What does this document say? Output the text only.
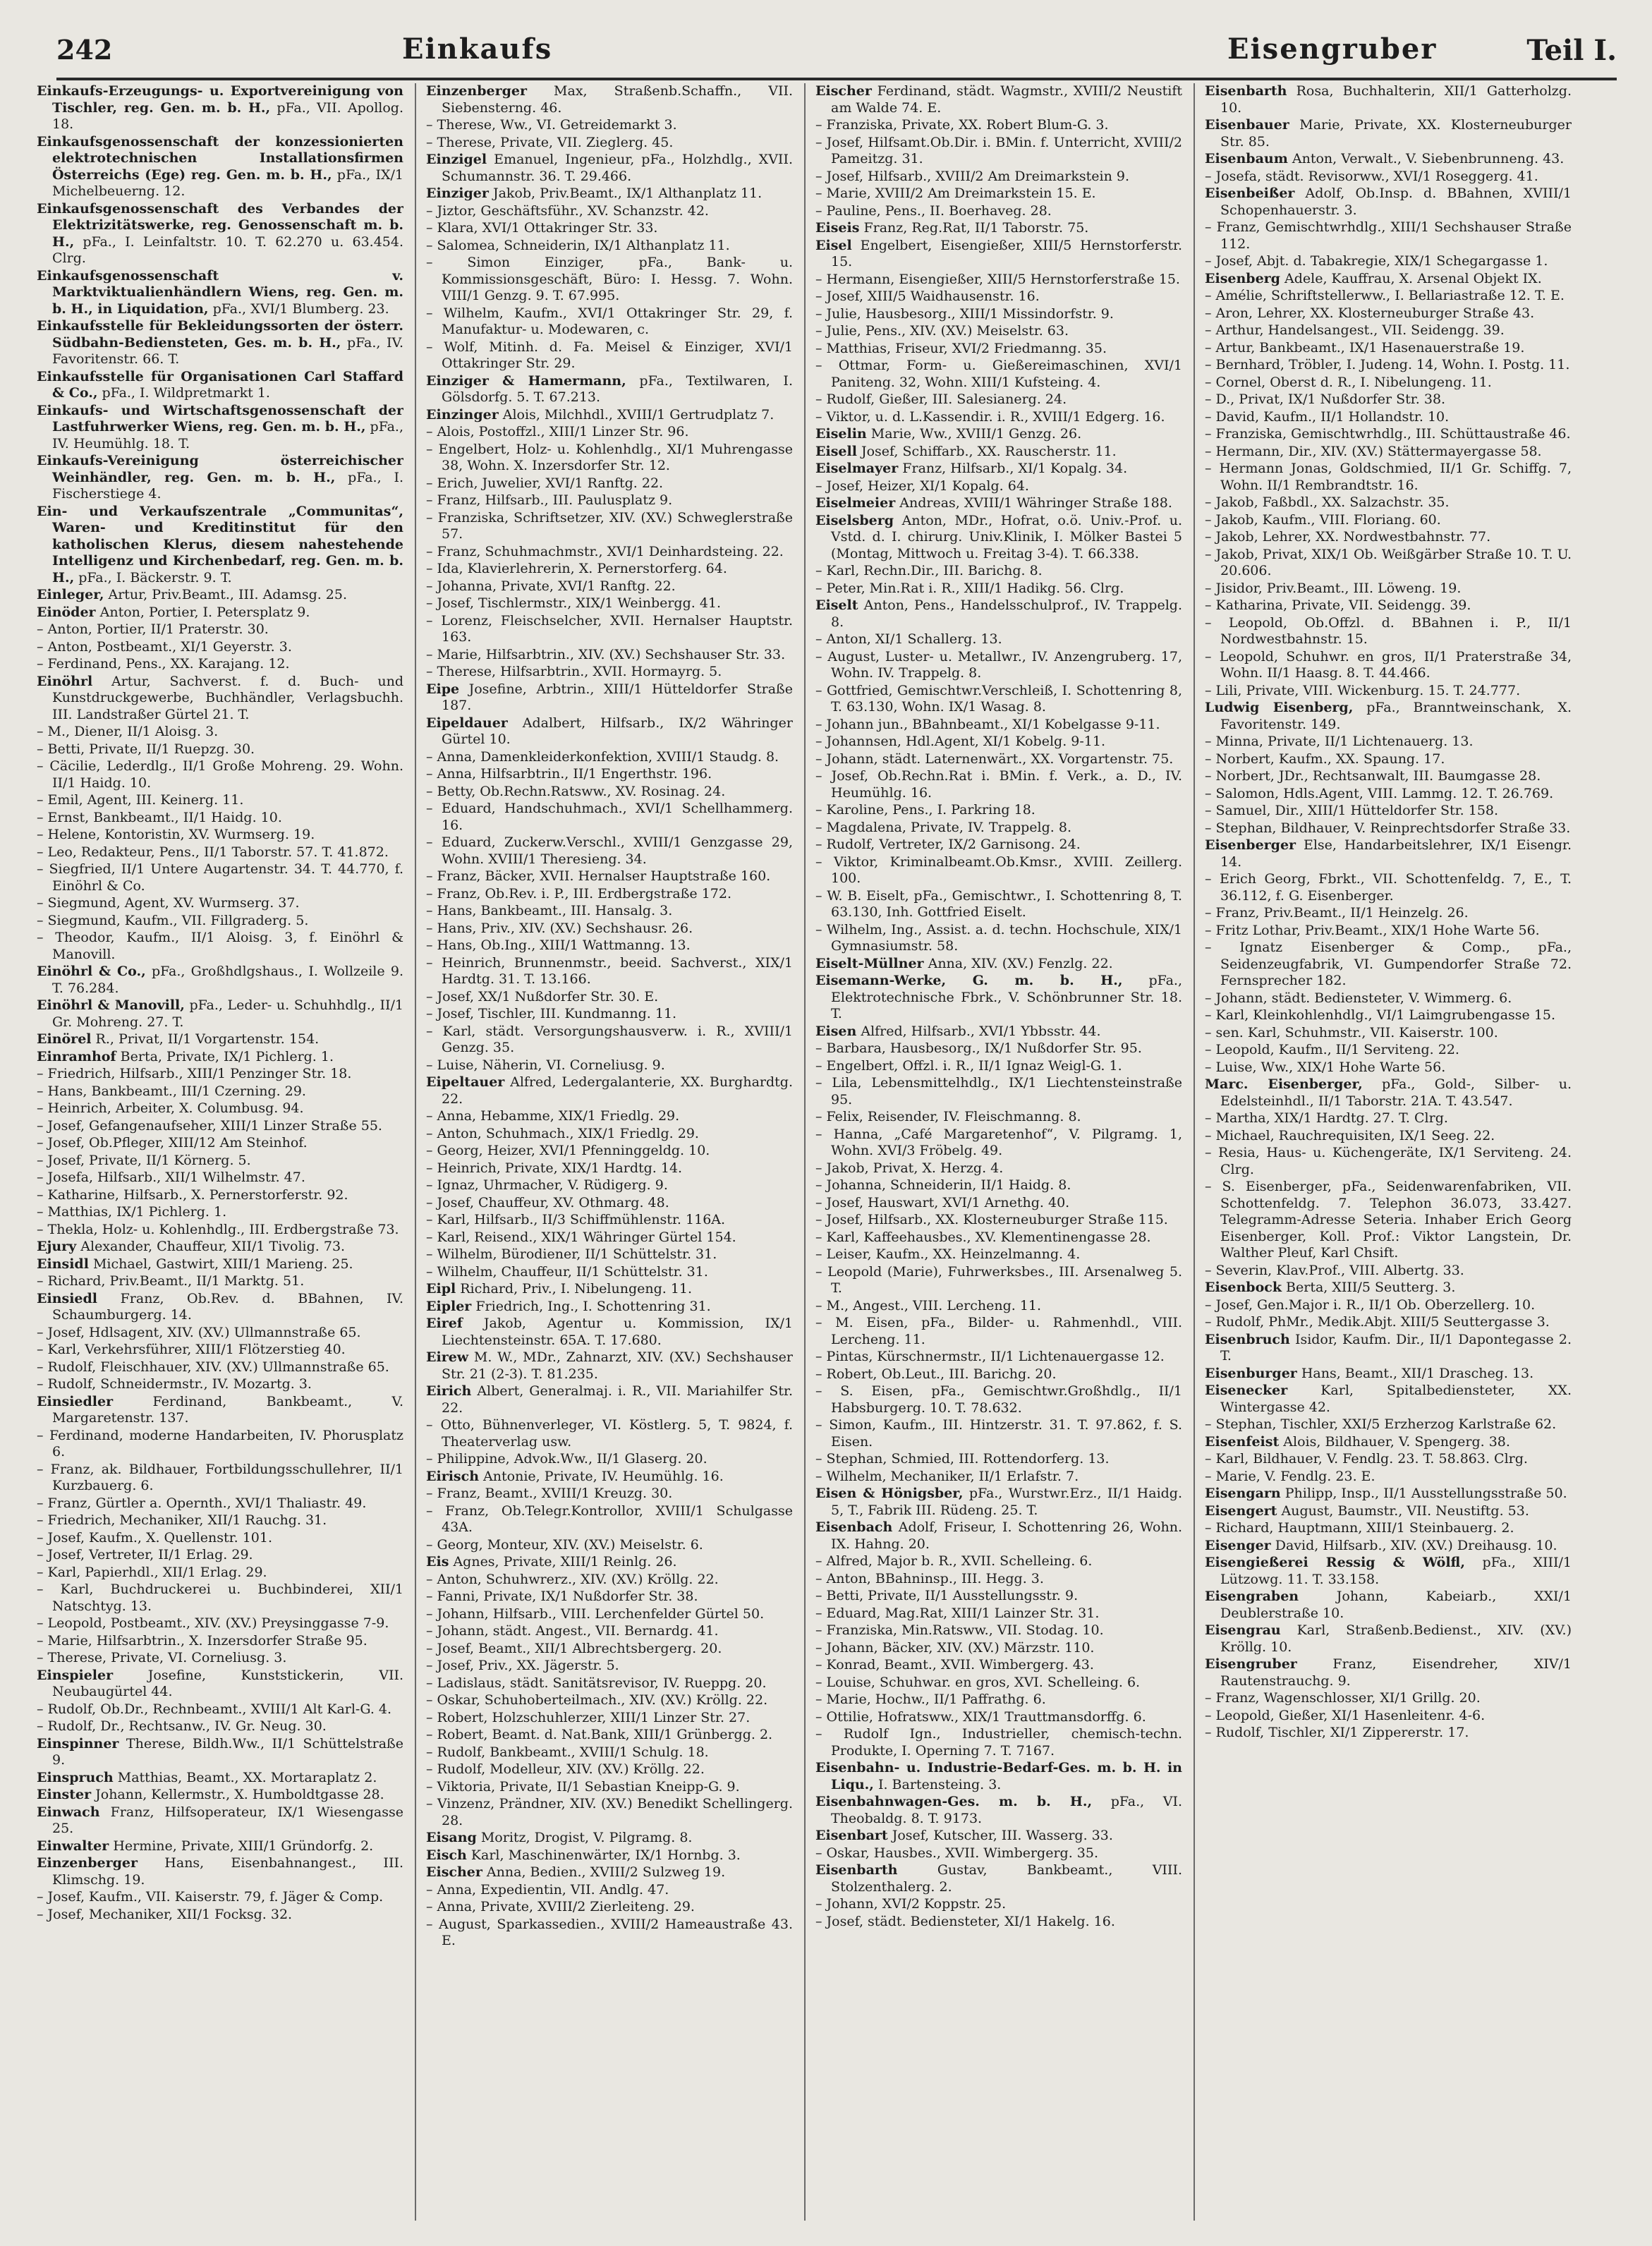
242	Einkaufs	Eisengruber	Teil I.

Einkaufs-Erzeugungs- u. Exportvereinigung von Tischler, reg. Gen. m. b. H., pFa., VII. Apollog. 18.

Einkaufsgenossenschaft der konzessionierten elektrotechnischen Installationsfirmen Österreichs (Ege) reg. Gen. m. b. H., pFa., IX/1 Michelbeuerng. 12.

Einkaufsgenossenschaft des Verbandes der Elektrizitätswerke, reg. Genossenschaft m. b. H., pFa., I. Leinfaltstr. 10. T. 62.270 u. 63.454. Clrg.

Einkaufsgenossenschaft v. Marktviktualienhändlern Wiens, reg. Gen. m. b. H., in Liquidation, pFa., XVI/1 Blumberg. 23.

Einkaufsstelle für Bekleidungssorten der österr. Südbahn-Bediensteten, Ges. m. b. H., pFa., IV. Favoritenstr. 66. T.

Einkaufsstelle für Organisationen Carl Staffard & Co., pFa., I. Wildpretmarkt 1.

Einkaufs- und Wirtschaftsgenossenschaft der Lastfuhrwerker Wiens, reg. Gen. m. b. H., pFa., IV. Heumühlg. 18. T.

Einkaufs-Vereinigung österreichischer Weinhändler, reg. Gen. m. b. H., pFa., I. Fischerstiege 4.

Ein- und Verkaufszentrale „Communitas“, Waren- und Kreditinstitut für den katholischen Klerus, diesem nahestehende Intelligenz und Kirchenbedarf, reg. Gen. m. b. H., pFa., I. Bäckerstr. 9. T.

Einleger, Artur, Priv.Beamt., III. Adamsg. 25.

Einöder Anton, Portier, I. Petersplatz 9.

– Anton, Portier, II/1 Praterstr. 30.

– Anton, Postbeamt., XI/1 Geyerstr. 3.

– Ferdinand, Pens., XX. Karajang. 12.

Einöhrl Artur, Sachverst. f. d. Buch- und Kunstdruckgewerbe, Buchhändler, Verlagsbuchh. III. Landstraßer Gürtel 21. T.

– M., Diener, II/1 Aloisg. 3.

– Betti, Private, II/1 Ruepzg. 30.

– Cäcilie, Lederdlg., II/1 Große Mohreng. 29. Wohn. II/1 Haidg. 10.

– Emil, Agent, III. Keinerg. 11.

– Ernst, Bankbeamt., II/1 Haidg. 10.

– Helene, Kontoristin, XV. Wurmserg. 19.

– Leo, Redakteur, Pens., II/1 Taborstr. 57. T. 41.872.

– Siegfried, II/1 Untere Augartenstr. 34. T. 44.770, f. Einöhrl & Co.

– Siegmund, Agent, XV. Wurmserg. 37.

– Siegmund, Kaufm., VII. Fillgraderg. 5.

– Theodor, Kaufm., II/1 Aloisg. 3, f. Einöhrl & Manovill.

Einöhrl & Co., pFa., Großhdlgshaus., I. Wollzeile 9. T. 76.284.

Einöhrl & Manovill, pFa., Leder- u. Schuhhdlg., II/1 Gr. Mohreng. 27. T.

Einörel R., Privat, II/1 Vorgartenstr. 154.

Einramhof Berta, Private, IX/1 Pichlerg. 1.

– Friedrich, Hilfsarb., XIII/1 Penzinger Str. 18.

– Hans, Bankbeamt., III/1 Czerning. 29.

– Heinrich, Arbeiter, X. Columbusg. 94.

– Josef, Gefangenaufseher, XIII/1 Linzer Straße 55.

– Josef, Ob.Pfleger, XIII/12 Am Steinhof.

– Josef, Private, II/1 Körnerg. 5.

– Josefa, Hilfsarb., XII/1 Wilhelmstr. 47.

– Katharine, Hilfsarb., X. Pernerstorferstr. 92.

– Matthias, IX/1 Pichlerg. 1.

– Thekla, Holz- u. Kohlenhdlg., III. Erdbergstraße 73.

Ejury Alexander, Chauffeur, XII/1 Tivolig. 73.

Einsidl Michael, Gastwirt, XIII/1 Marieng. 25.

– Richard, Priv.Beamt., II/1 Marktg. 51.

Einsiedl Franz, Ob.Rev. d. BBahnen, IV. Schaumburgerg. 14.

– Josef, Hdlsagent, XIV. (XV.) Ullmannstraße 65.

– Karl, Verkehrsführer, XIII/1 Flötzerstieg 40.

– Rudolf, Fleischhauer, XIV. (XV.) Ullmannstraße 65.

– Rudolf, Schneidermstr., IV. Mozartg. 3.

Einsiedler Ferdinand, Bankbeamt., V. Margaretenstr. 137.

– Ferdinand, moderne Handarbeiten, IV. Phorusplatz 6.

– Franz, ak. Bildhauer, Fortbildungsschullehrer, II/1 Kurzbauerg. 6.

– Franz, Gürtler a. Opernth., XVI/1 Thaliastr. 49.

– Friedrich, Mechaniker, XII/1 Rauchg. 31.

– Josef, Kaufm., X. Quellenstr. 101.

– Josef, Vertreter, II/1 Erlag. 29.

– Karl, Papierhdl., XII/1 Erlag. 29.

– Karl, Buchdruckerei u. Buchbinderei, XII/1 Natschtyg. 13.

– Leopold, Postbeamt., XIV. (XV.) Preysinggasse 7-9.

– Marie, Hilfsarbtrin., X. Inzersdorfer Straße 95.

– Therese, Private, VI. Corneliusg. 3.

Einspieler Josefine, Kunststickerin, VII. Neubaugürtel 44.

– Rudolf, Ob.Dr., Rechnbeamt., XVIII/1 Alt Karl-G. 4.

– Rudolf, Dr., Rechtsanw., IV. Gr. Neug. 30.

Einspinner Therese, Bildh.Ww., II/1 Schüttelstraße 9.

Einspruch Matthias, Beamt., XX. Mortaraplatz 2.

Einster Johann, Kellermstr., X. Humboldtgasse 28.

Einwach Franz, Hilfsoperateur, IX/1 Wiesengasse 25.

Einwalter Hermine, Private, XIII/1 Gründorfg. 2.

Einzenberger Hans, Eisenbahnangest., III. Klimschg. 19.

– Josef, Kaufm., VII. Kaiserstr. 79, f. Jäger & Comp.

– Josef, Mechaniker, XII/1 Focksg. 32.

Einzenberger Max, Straßenb.Schaffn., VII. Siebensterng. 46.

– Therese, Ww., VI. Getreidemarkt 3.

– Therese, Private, VII. Zieglerg. 45.

Einzigel Emanuel, Ingenieur, pFa., Holzhdlg., XVII. Schumannstr. 36. T. 29.466.

Einziger Jakob, Priv.Beamt., IX/1 Althanplatz 11.

– Jiztor, Geschäftsführ., XV. Schanzstr. 42.

– Klara, XVI/1 Ottakringer Str. 33.

– Salomea, Schneiderin, IX/1 Althanplatz 11.

– Simon Einziger, pFa., Bank- u. Kommissionsgeschäft, Büro: I. Hessg. 7. Wohn. VIII/1 Genzg. 9. T. 67.995.

– Wilhelm, Kaufm., XVI/1 Ottakringer Str. 29, f. Manufaktur- u. Modewaren, c.

– Wolf, Mitinh. d. Fa. Meisel & Einziger, XVI/1 Ottakringer Str. 29.

Einziger & Hamermann, pFa., Textilwaren, I. Gölsdorfg. 5. T. 67.213.

Einzinger Alois, Milchhdl., XVIII/1 Gertrudplatz 7.

– Alois, Postoffzl., XIII/1 Linzer Str. 96.

– Engelbert, Holz- u. Kohlenhdlg., XI/1 Muhrengasse 38, Wohn. X. Inzersdorfer Str. 12.

– Erich, Juwelier, XVI/1 Ranftg. 22.

– Franz, Hilfsarb., III. Paulusplatz 9.

– Franziska, Schriftsetzer, XIV. (XV.) Schweglerstraße 57.

– Franz, Schuhmachmstr., XVI/1 Deinhardsteing. 22.

– Ida, Klavierlehrerin, X. Pernerstorferg. 64.

– Johanna, Private, XVI/1 Ranftg. 22.

– Josef, Tischlermstr., XIX/1 Weinbergg. 41.

– Lorenz, Fleischselcher, XVII. Hernalser Hauptstr. 163.

– Marie, Hilfsarbtrin., XIV. (XV.) Sechshauser Str. 33.

– Therese, Hilfsarbtrin., XVII. Hormayrg. 5.

Eipe Josefine, Arbtrin., XIII/1 Hütteldorfer Straße 187.

Eipeldauer Adalbert, Hilfsarb., IX/2 Währinger Gürtel 10.

– Anna, Damenkleiderkonfektion, XVIII/1 Staudg. 8.

– Anna, Hilfsarbtrin., II/1 Engerthstr. 196.

– Betty, Ob.Rechn.Ratsww., XV. Rosinag. 24.

– Eduard, Handschuhmach., XVI/1 Schellhammerg. 16.

– Eduard, Zuckerw.Verschl., XVIII/1 Genzgasse 29, Wohn. XVIII/1 Theresieng. 34.

– Franz, Bäcker, XVII. Hernalser Hauptstraße 160.

– Franz, Ob.Rev. i. P., III. Erdbergstraße 172.

– Hans, Bankbeamt., III. Hansalg. 3.

– Hans, Priv., XIV. (XV.) Sechshausr. 26.

– Hans, Ob.Ing., XIII/1 Wattmanng. 13.

– Heinrich, Brunnenmstr., beeid. Sachverst., XIX/1 Hardtg. 31. T. 13.166.

– Josef, XX/1 Nußdorfer Str. 30. E.

– Josef, Tischler, III. Kundmanng. 11.

– Karl, städt. Versorgungshausverw. i. R., XVIII/1 Genzg. 35.

– Luise, Näherin, VI. Corneliusg. 9.

Eipeltauer Alfred, Ledergalanterie, XX. Burghardtg. 22.

– Anna, Hebamme, XIX/1 Friedlg. 29.

– Anton, Schuhmach., XIX/1 Friedlg. 29.

– Georg, Heizer, XVI/1 Pfenninggeldg. 10.

– Heinrich, Private, XIX/1 Hardtg. 14.

– Ignaz, Uhrmacher, V. Rüdigerg. 9.

– Josef, Chauffeur, XV. Othmarg. 48.

– Karl, Hilfsarb., II/3 Schiffmühlenstr. 116A.

– Karl, Reisend., XIX/1 Währinger Gürtel 154.

– Wilhelm, Bürodiener, II/1 Schüttelstr. 31.

– Wilhelm, Chauffeur, II/1 Schüttelstr. 31.

Eipl Richard, Priv., I. Nibelungeng. 11.

Eipler Friedrich, Ing., I. Schottenring 31.

Eiref Jakob, Agentur u. Kommission, IX/1 Liechtensteinstr. 65A. T. 17.680.

Eirew M. W., MDr., Zahnarzt, XIV. (XV.) Sechshauser Str. 21 (2-3). T. 81.235.

Eirich Albert, Generalmaj. i. R., VII. Mariahilfer Str. 22.

– Otto, Bühnenverleger, VI. Köstlerg. 5, T. 9824, f. Theaterverlag usw.

– Philippine, Advok.Ww., II/1 Glaserg. 20.

Eirisch Antonie, Private, IV. Heumühlg. 16.

– Franz, Beamt., XVIII/1 Kreuzg. 30.

– Franz, Ob.Telegr.Kontrollor, XVIII/1 Schulgasse 43A.

– Georg, Monteur, XIV. (XV.) Meiselstr. 6.

Eis Agnes, Private, XIII/1 Reinlg. 26.

– Anton, Schuhwrerz., XIV. (XV.) Kröllg. 22.

– Fanni, Private, IX/1 Nußdorfer Str. 38.

– Johann, Hilfsarb., VIII. Lerchenfelder Gürtel 50.

– Johann, städt. Angest., VII. Bernardg. 41.

– Josef, Beamt., XII/1 Albrechtsbergerg. 20.

– Josef, Priv., XX. Jägerstr. 5.

– Ladislaus, städt. Sanitätsrevisor, IV. Rueppg. 20.

– Oskar, Schuhoberteilmach., XIV. (XV.) Kröllg. 22.

– Robert, Holzschuhlerzer, XIII/1 Linzer Str. 27.

– Robert, Beamt. d. Nat.Bank, XIII/1 Grünbergg. 2.

– Rudolf, Bankbeamt., XVIII/1 Schulg. 18.

– Rudolf, Modelleur, XIV. (XV.) Kröllg. 22.

– Viktoria, Private, II/1 Sebastian Kneipp-G. 9.

– Vinzenz, Prändner, XIV. (XV.) Benedikt Schellingerg. 28.

Eisang Moritz, Drogist, V. Pilgramg. 8.

Eisch Karl, Maschinenwärter, IX/1 Hornbg. 3.

Eischer Anna, Bedien., XVIII/2 Sulzweg 19.

– Anna, Expedientin, VII. Andlg. 47.

– Anna, Private, XVIII/2 Zierleiteng. 29.

– August, Sparkassedien., XVIII/2 Hameaustraße 43. E.

Eischer Ferdinand, städt. Wagmstr., XVIII/2 Neustift am Walde 74. E.

– Franziska, Private, XX. Robert Blum-G. 3.

– Josef, Hilfsamt.Ob.Dir. i. BMin. f. Unterricht, XVIII/2 Pameitzg. 31.

– Josef, Hilfsarb., XVIII/2 Am Dreimarkstein 9.

– Marie, XVIII/2 Am Dreimarkstein 15. E.

– Pauline, Pens., II. Boerhaveg. 28.

Eiseis Franz, Reg.Rat, II/1 Taborstr. 75.

Eisel Engelbert, Eisengießer, XIII/5 Hernstorferstr. 15.

– Hermann, Eisengießer, XIII/5 Hernstorferstraße 15.

– Josef, XIII/5 Waidhausenstr. 16.

– Julie, Hausbesorg., XIII/1 Missindorfstr. 9.

– Julie, Pens., XIV. (XV.) Meiselstr. 63.

– Matthias, Friseur, XVI/2 Friedmanng. 35.

– Ottmar, Form- u. Gießereimaschinen, XVI/1 Paniteng. 32, Wohn. XIII/1 Kufsteing. 4.

– Rudolf, Gießer, III. Salesianerg. 24.

– Viktor, u. d. L.Kassendir. i. R., XVIII/1 Edgerg. 16.

Eiselin Marie, Ww., XVIII/1 Genzg. 26.

Eisell Josef, Schiffarb., XX. Rauscherstr. 11.

Eiselmayer Franz, Hilfsarb., XI/1 Kopalg. 34.

– Josef, Heizer, XI/1 Kopalg. 64.

Eiselmeier Andreas, XVIII/1 Währinger Straße 188.

Eiselsberg Anton, MDr., Hofrat, o.ö. Univ.-Prof. u. Vstd. d. I. chirurg. Univ.Klinik, I. Mölker Bastei 5 (Montag, Mittwoch u. Freitag 3-4). T. 66.338.

– Karl, Rechn.Dir., III. Barichg. 8.

– Peter, Min.Rat i. R., XIII/1 Hadikg. 56. Clrg.

Eiselt Anton, Pens., Handelsschulprof., IV. Trappelg. 8.

– Anton, XI/1 Schallerg. 13.

– August, Luster- u. Metallwr., IV. Anzengruberg. 17, Wohn. IV. Trappelg. 8.

– Gottfried, Gemischtwr.Verschleiß, I. Schottenring 8, T. 63.130, Wohn. IX/1 Wasag. 8.

– Johann jun., BBahnbeamt., XI/1 Kobelgasse 9-11.

– Johannsen, Hdl.Agent, XI/1 Kobelg. 9-11.

– Johann, städt. Laternenwärt., XX. Vorgartenstr. 75.

– Josef, Ob.Rechn.Rat i. BMin. f. Verk., a. D., IV. Heumühlg. 16.

– Karoline, Pens., I. Parkring 18.

– Magdalena, Private, IV. Trappelg. 8.

– Rudolf, Vertreter, IX/2 Garnisong. 24.

– Viktor, Kriminalbeamt.Ob.Kmsr., XVIII. Zeillerg. 100.

– W. B. Eiselt, pFa., Gemischtwr., I. Schottenring 8, T. 63.130, Inh. Gottfried Eiselt.

– Wilhelm, Ing., Assist. a. d. techn. Hochschule, XIX/1 Gymnasiumstr. 58.

Eiselt-Müllner Anna, XIV. (XV.) Fenzlg. 22.

Eisemann-Werke, G. m. b. H., pFa., Elektrotechnische Fbrk., V. Schönbrunner Str. 18. T.

Eisen Alfred, Hilfsarb., XVI/1 Ybbsstr. 44.

– Barbara, Hausbesorg., IX/1 Nußdorfer Str. 95.

– Engelbert, Offzl. i. R., II/1 Ignaz Weigl-G. 1.

– Lila, Lebensmittelhdlg., IX/1 Liechtensteinstraße 95.

– Felix, Reisender, IV. Fleischmanng. 8.

– Hanna, „Café Margaretenhof“, V. Pilgramg. 1, Wohn. XVI/3 Fröbelg. 49.

– Jakob, Privat, X. Herzg. 4.

– Johanna, Schneiderin, II/1 Haidg. 8.

– Josef, Hauswart, XVI/1 Arnethg. 40.

– Josef, Hilfsarb., XX. Klosterneuburger Straße 115.

– Karl, Kaffeehausbes., XV. Klementinengasse 28.

– Leiser, Kaufm., XX. Heinzelmanng. 4.

– Leopold (Marie), Fuhrwerksbes., III. Arsenalweg 5. T.

– M., Angest., VIII. Lercheng. 11.

– M. Eisen, pFa., Bilder- u. Rahmenhdl., VIII. Lercheng. 11.

– Pintas, Kürschnermstr., II/1 Lichtenauergasse 12.

– Robert, Ob.Leut., III. Barichg. 20.

– S. Eisen, pFa., Gemischtwr.Großhdlg., II/1 Habsburgerg. 10. T. 78.632.

– Simon, Kaufm., III. Hintzerstr. 31. T. 97.862, f. S. Eisen.

– Stephan, Schmied, III. Rottendorferg. 13.

– Wilhelm, Mechaniker, II/1 Erlafstr. 7.

Eisen & Hönigsber, pFa., Wurstwr.Erz., II/1 Haidg. 5, T., Fabrik III. Rüdeng. 25. T.

Eisenbach Adolf, Friseur, I. Schottenring 26, Wohn. IX. Hahng. 20.

– Alfred, Major b. R., XVII. Schelleing. 6.

– Anton, BBahninsp., III. Hegg. 3.

– Betti, Private, II/1 Ausstellungsstr. 9.

– Eduard, Mag.Rat, XIII/1 Lainzer Str. 31.

– Franziska, Min.Ratsww., VII. Stodag. 10.

– Johann, Bäcker, XIV. (XV.) Märzstr. 110.

– Konrad, Beamt., XVII. Wimbergerg. 43.

– Louise, Schuhwar. en gros, XVI. Schelleing. 6.

– Marie, Hochw., II/1 Paffrathg. 6.

– Ottilie, Hofratsww., XIX/1 Trauttmansdorffg. 6.

– Rudolf Ign., Industrieller, chemisch-techn. Produkte, I. Operning 7. T. 7167.

Eisenbahn- u. Industrie-Bedarf-Ges. m. b. H. in Liqu., I. Bartensteing. 3.

Eisenbahnwagen-Ges. m. b. H., pFa., VI. Theobaldg. 8. T. 9173.

Eisenbart Josef, Kutscher, III. Wasserg. 33.

– Oskar, Hausbes., XVII. Wimbergerg. 35.

Eisenbarth Gustav, Bankbeamt., VIII. Stolzenthalerg. 2.

– Johann, XVI/2 Koppstr. 25.

– Josef, städt. Bediensteter, XI/1 Hakelg. 16.

Eisenbarth Rosa, Buchhalterin, XII/1 Gatterholzg. 10.

Eisenbauer Marie, Private, XX. Klosterneuburger Str. 85.

Eisenbaum Anton, Verwalt., V. Siebenbrunneng. 43.

– Josefa, städt. Revisorww., XVI/1 Roseggerg. 41.

Eisenbeißer Adolf, Ob.Insp. d. BBahnen, XVIII/1 Schopenhauerstr. 3.

– Franz, Gemischtwrhdlg., XIII/1 Sechshauser Straße 112.

– Josef, Abjt. d. Tabakregie, XIX/1 Schegargasse 1.

Eisenberg Adele, Kauffrau, X. Arsenal Objekt IX.

– Amélie, Schriftstellerww., I. Bellariastraße 12. T. E.

– Aron, Lehrer, XX. Klosterneuburger Straße 43.

– Arthur, Handelsangest., VII. Seidengg. 39.

– Artur, Bankbeamt., IX/1 Hasenauerstraße 19.

– Bernhard, Tröbler, I. Judeng. 14, Wohn. I. Postg. 11.

– Cornel, Oberst d. R., I. Nibelungeng. 11.

– D., Privat, IX/1 Nußdorfer Str. 38.

– David, Kaufm., II/1 Hollandstr. 10.

– Franziska, Gemischtwrhdlg., III. Schüttaustraße 46.

– Hermann, Dir., XIV. (XV.) Stättermayergasse 58.

– Hermann Jonas, Goldschmied, II/1 Gr. Schiffg. 7, Wohn. II/1 Rembrandtstr. 16.

– Jakob, Faßbdl., XX. Salzachstr. 35.

– Jakob, Kaufm., VIII. Floriang. 60.

– Jakob, Lehrer, XX. Nordwestbahnstr. 77.

– Jakob, Privat, XIX/1 Ob. Weißgärber Straße 10. T. U. 20.606.

– Jisidor, Priv.Beamt., III. Löweng. 19.

– Katharina, Private, VII. Seidengg. 39.

– Leopold, Ob.Offzl. d. BBahnen i. P., II/1 Nordwestbahnstr. 15.

– Leopold, Schuhwr. en gros, II/1 Praterstraße 34, Wohn. II/1 Haasg. 8. T. 44.466.

– Lili, Private, VIII. Wickenburg. 15. T. 24.777.

Ludwig Eisenberg, pFa., Branntweinschank, X. Favoritenstr. 149.

– Minna, Private, II/1 Lichtenauerg. 13.

– Norbert, Kaufm., XX. Spaung. 17.

– Norbert, JDr., Rechtsanwalt, III. Baumgasse 28.

– Salomon, Hdls.Agent, VIII. Lammg. 12. T. 26.769.

– Samuel, Dir., XIII/1 Hütteldorfer Str. 158.

– Stephan, Bildhauer, V. Reinprechtsdorfer Straße 33.

Eisenberger Else, Handarbeitslehrer, IX/1 Eisengr. 14.

– Erich Georg, Fbrkt., VII. Schottenfeldg. 7, E., T. 36.112, f. G. Eisenberger.

– Franz, Priv.Beamt., II/1 Heinzelg. 26.

– Fritz Lothar, Priv.Beamt., XIX/1 Hohe Warte 56.

– Ignatz Eisenberger & Comp., pFa., Seidenzeugfabrik, VI. Gumpendorfer Straße 72. Fernsprecher 182.

– Johann, städt. Bediensteter, V. Wimmerg. 6.

– Karl, Kleinkohlenhdlg., VI/1 Laimgrubengasse 15.

– sen. Karl, Schuhmstr., VII. Kaiserstr. 100.

– Leopold, Kaufm., II/1 Serviteng. 22.

– Luise, Ww., XIX/1 Hohe Warte 56.

Marc. Eisenberger, pFa., Gold-, Silber- u. Edelsteinhdl., II/1 Taborstr. 21A. T. 43.547.

– Martha, XIX/1 Hardtg. 27. T. Clrg.

– Michael, Rauchrequisiten, IX/1 Seeg. 22.

– Resia, Haus- u. Küchengeräte, IX/1 Serviteng. 24. Clrg.

– S. Eisenberger, pFa., Seidenwarenfabriken, VII. Schottenfeldg. 7. Telephon 36.073, 33.427. Telegramm-Adresse Seteria. Inhaber Erich Georg Eisenberger, Koll. Prof.: Viktor Langstein, Dr. Walther Pleuf, Karl Chsift.

– Severin, Klav.Prof., VIII. Albertg. 33.

Eisenbock Berta, XIII/5 Seutterg. 3.

– Josef, Gen.Major i. R., II/1 Ob. Oberzellerg. 10.

– Rudolf, PhMr., Medik.Abjt. XIII/5 Seuttergasse 3.

Eisenbruch Isidor, Kaufm. Dir., II/1 Dapontegasse 2. T.

Eisenburger Hans, Beamt., XII/1 Drascheg. 13.

Eisenecker Karl, Spitalbediensteter, XX. Wintergasse 42.

– Stephan, Tischler, XXI/5 Erzherzog Karlstraße 62.

Eisenfeist Alois, Bildhauer, V. Spengerg. 38.

– Karl, Bildhauer, V. Fendlg. 23. T. 58.863. Clrg.

– Marie, V. Fendlg. 23. E.

Eisengarn Philipp, Insp., II/1 Ausstellungsstraße 50.

Eisengert August, Baumstr., VII. Neustiftg. 53.

– Richard, Hauptmann, XIII/1 Steinbauerg. 2.

Eisenger David, Hilfsarb., XIV. (XV.) Dreihausg. 10.

Eisengießerei Ressig & Wölfl, pFa., XIII/1 Lützowg. 11. T. 33.158.

Eisengraben Johann, Kabeiarb., XXI/1 Deublerstraße 10.

Eisengrau Karl, Straßenb.Bedienst., XIV. (XV.) Kröllg. 10.

Eisengruber Franz, Eisendreher, XIV/1 Rautenstrauchg. 9.

– Franz, Wagenschlosser, XI/1 Grillg. 20.

– Leopold, Gießer, XI/1 Hasenleitenr. 4-6.

– Rudolf, Tischler, XI/1 Zippererstr. 17.
